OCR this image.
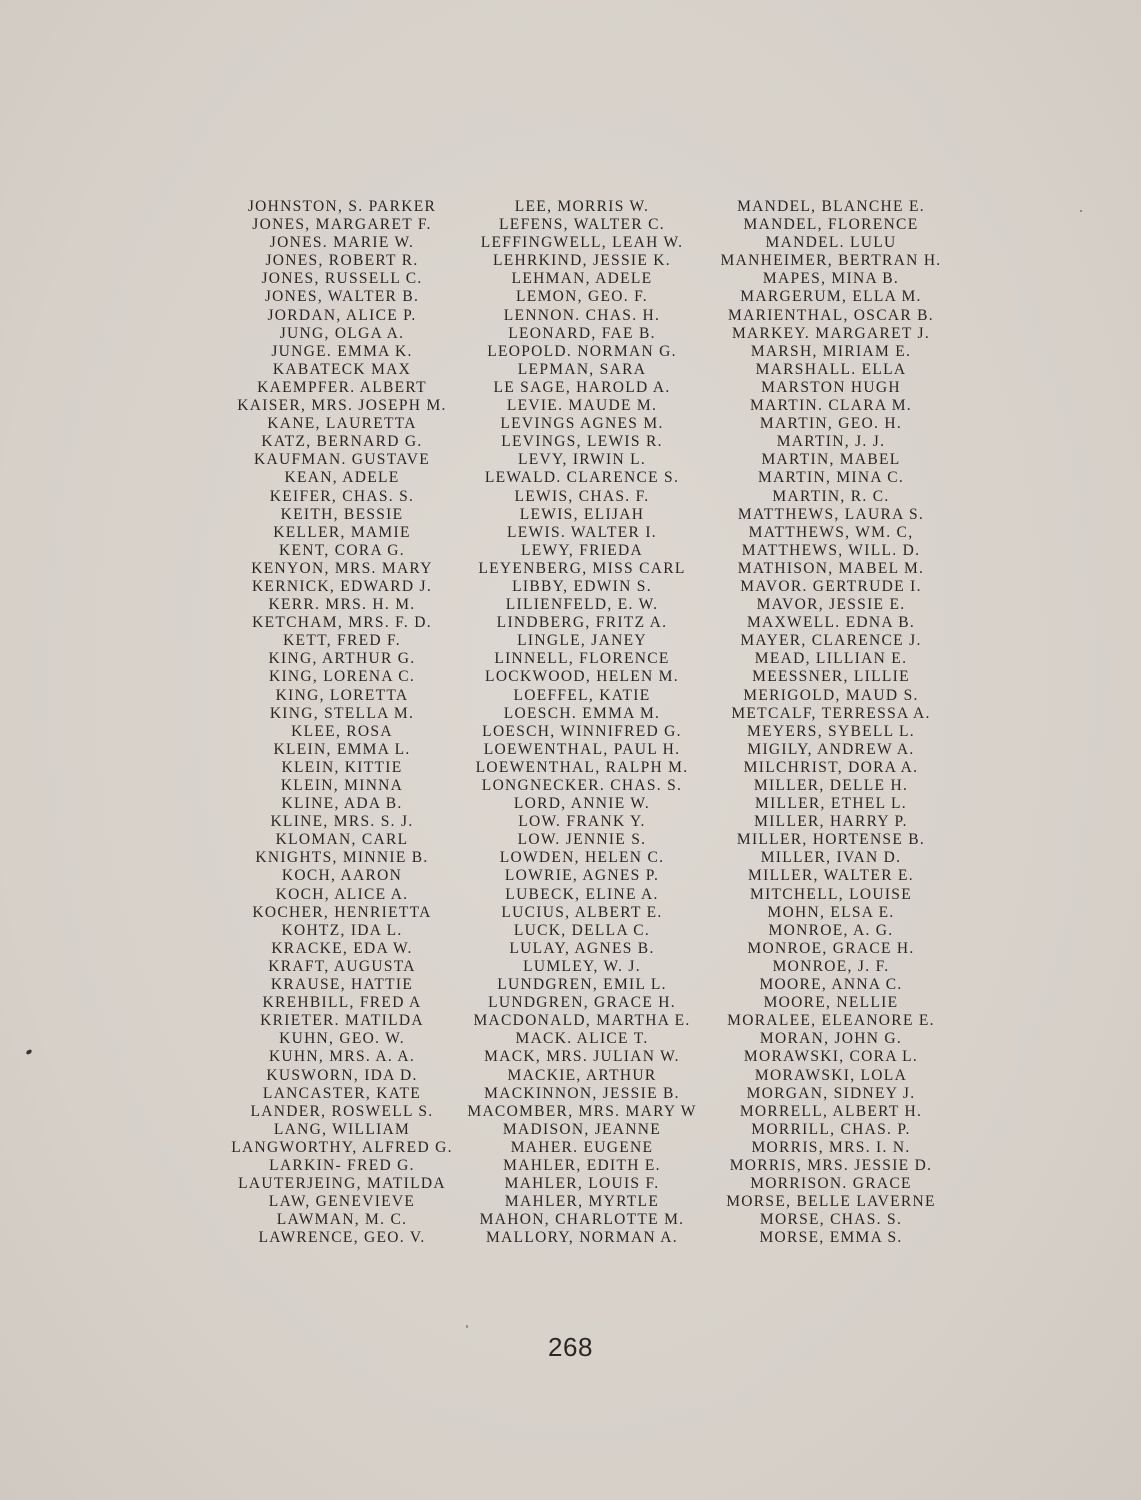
JOHNSTON, S. PARKER
JONES, MARGARET F.
JONES. MARIE W.
JONES, ROBERT R.
JONES, RUSSELL C.
JONES, WALTER B.
JORDAN, ALICE P.
JUNG, OLGA A.
JUNGE. EMMA K.
KABATECK MAX
KAEMPFER. ALBERT
KAISER, MRS. JOSEPH M.
KANE, LAURETTA
KATZ, BERNARD G.
KAUFMAN. GUSTAVE
KEAN, ADELE
KEIFER, CHAS. S.
KEITH, BESSIE
KELLER, MAMIE
KENT, CORA G.
KENYON, MRS. MARY
KERNICK, EDWARD J.
KERR. MRS. H. M.
KETCHAM, MRS. F. D.
KETT, FRED F.
KING, ARTHUR G.
KING, LORENA C.
KING, LORETTA
KING, STELLA M.
KLEE, ROSA
KLEIN, EMMA L.
KLEIN, KITTIE
KLEIN, MINNA
KLINE, ADA B.
KLINE, MRS. S. J.
KLOMAN, CARL
KNIGHTS, MINNIE B.
KOCH, AARON
KOCH, ALICE A.
KOCHER, HENRIETTA
KOHTZ, IDA L.
KRACKE, EDA W.
KRAFT, AUGUSTA
KRAUSE, HATTIE
KREHBILL, FRED A
KRIETER. MATILDA
KUHN, GEO. W.
KUHN, MRS. A. A.
KUSWORN, IDA D.
LANCASTER, KATE
LANDER, ROSWELL S.
LANG, WILLIAM
LANGWORTHY, ALFRED G.
LARKIN- FRED G.
LAUTERJEING, MATILDA
LAW, GENEVIEVE
LAWMAN, M. C.
LAWRENCE, GEO. V.
LEE, MORRIS W.
LEFENS, WALTER C.
LEFFINGWELL, LEAH W.
LEHRKIND, JESSIE K.
LEHMAN, ADELE
LEMON, GEO. F.
LENNON. CHAS. H.
LEONARD, FAE B.
LEOPOLD. NORMAN G.
LEPMAN, SARA
LE SAGE, HAROLD A.
LEVIE. MAUDE M.
LEVINGS AGNES M.
LEVINGS, LEWIS R.
LEVY, IRWIN L.
LEWALD. CLARENCE S.
LEWIS, CHAS. F.
LEWIS, ELIJAH
LEWIS. WALTER I.
LEWY, FRIEDA
LEYENBERG, MISS CARL
LIBBY, EDWIN S.
LILIENFELD, E. W.
LINDBERG, FRITZ A.
LINGLE, JANEY
LINNELL, FLORENCE
LOCKWOOD, HELEN M.
LOEFFEL, KATIE
LOESCH. EMMA M.
LOESCH, WINNIFRED G.
LOEWENTHAL, PAUL H.
LOEWENTHAL, RALPH M.
LONGNECKER. CHAS. S.
LORD, ANNIE W.
LOW. FRANK Y.
LOW. JENNIE S.
LOWDEN, HELEN C.
LOWRIE, AGNES P.
LUBECK, ELINE A.
LUCIUS, ALBERT E.
LUCK, DELLA C.
LULAY, AGNES B.
LUMLEY, W. J.
LUNDGREN, EMIL L.
LUNDGREN, GRACE H.
MACDONALD, MARTHA E.
MACK. ALICE T.
MACK, MRS. JULIAN W.
MACKIE, ARTHUR
MACKINNON, JESSIE B.
MACOMBER, MRS. MARY W
MADISON, JEANNE
MAHER. EUGENE
MAHLER, EDITH E.
MAHLER, LOUIS F.
MAHLER, MYRTLE
MAHON, CHARLOTTE M.
MALLORY, NORMAN A.
MANDEL, BLANCHE E.
MANDEL, FLORENCE
MANDEL. LULU
MANHEIMER, BERTRAN H.
MAPES, MINA B.
MARGERUM, ELLA M.
MARIENTHAL, OSCAR B.
MARKEY. MARGARET J.
MARSH, MIRIAM E.
MARSHALL. ELLA
MARSTON HUGH
MARTIN. CLARA M.
MARTIN, GEO. H.
MARTIN, J. J.
MARTIN, MABEL
MARTIN, MINA C.
MARTIN, R. C.
MATTHEWS, LAURA S.
MATTHEWS, WM. C,
MATTHEWS, WILL. D.
MATHISON, MABEL M.
MAVOR. GERTRUDE I.
MAVOR, JESSIE E.
MAXWELL. EDNA B.
MAYER, CLARENCE J.
MEAD, LILLIAN E.
MEESSNER, LILLIE
MERIGOLD, MAUD S.
METCALF, TERRESSA A.
MEYERS, SYBELL L.
MIGILY, ANDREW A.
MILCHRIST, DORA A.
MILLER, DELLE H.
MILLER, ETHEL L.
MILLER, HARRY P.
MILLER, HORTENSE B.
MILLER, IVAN D.
MILLER, WALTER E.
MITCHELL, LOUISE
MOHN, ELSA E.
MONROE, A. G.
MONROE, GRACE H.
MONROE, J. F.
MOORE, ANNA C.
MOORE, NELLIE
MORALEE, ELEANORE E.
MORAN, JOHN G.
MORAWSKI, CORA L.
MORAWSKI, LOLA
MORGAN, SIDNEY J.
MORRELL, ALBERT H.
MORRILL, CHAS. P.
MORRIS, MRS. I. N.
MORRIS, MRS. JESSIE D.
MORRISON. GRACE
MORSE, BELLE LAVERNE
MORSE, CHAS. S.
MORSE, EMMA S.
268
